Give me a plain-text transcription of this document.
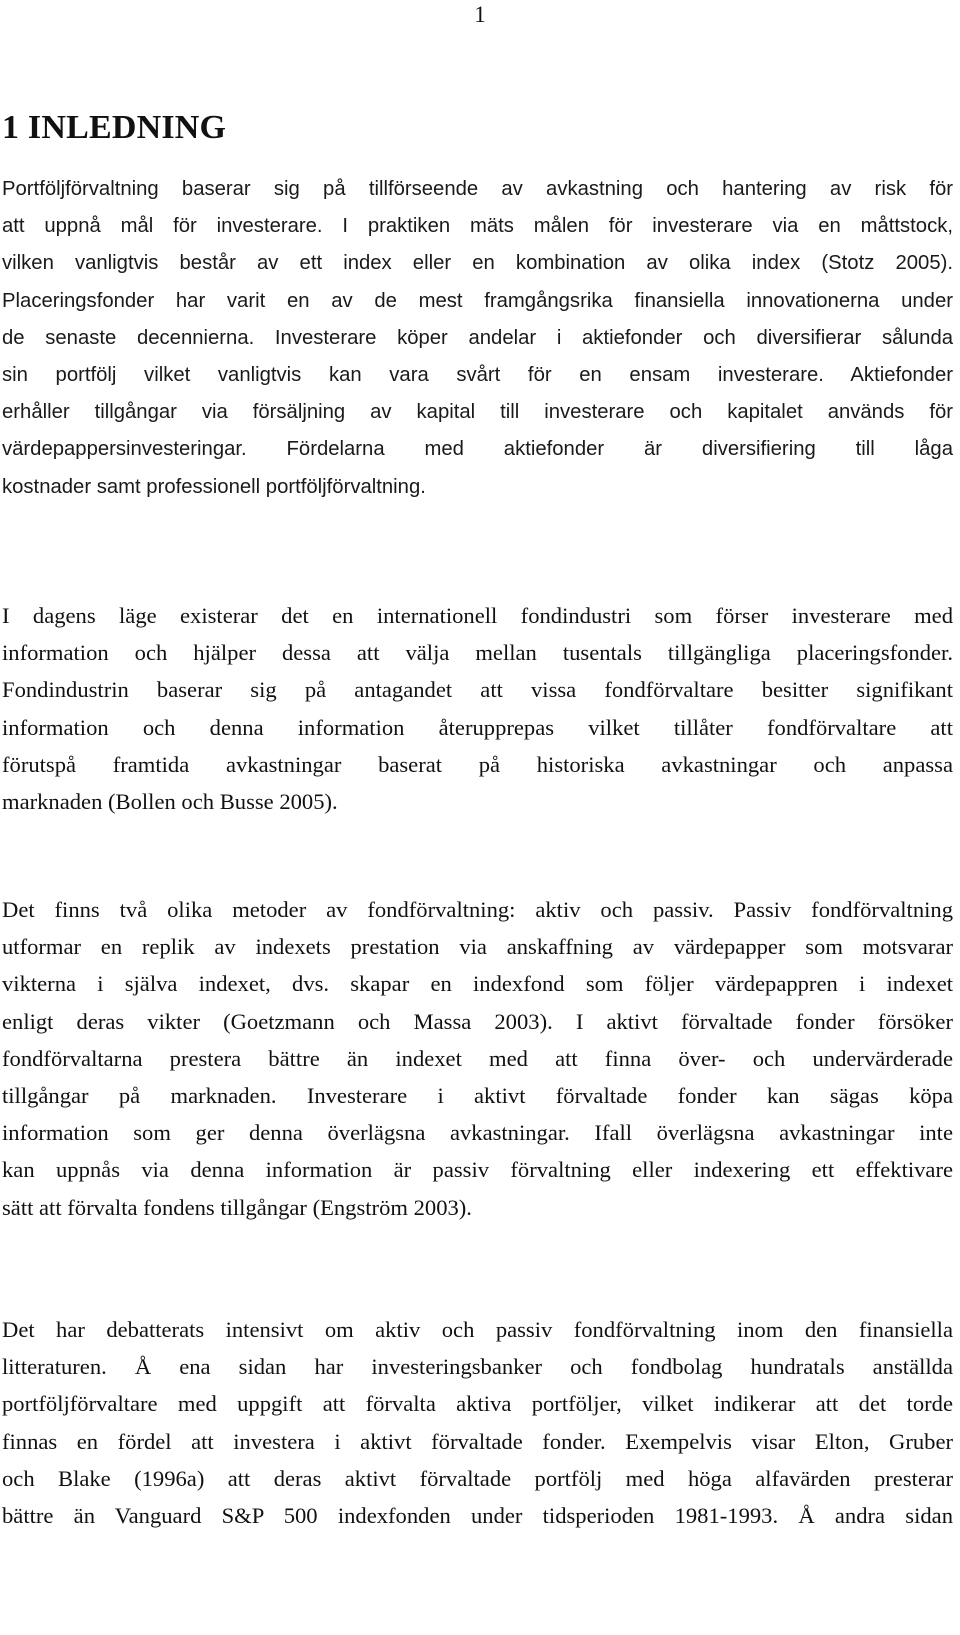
1
1 INLEDNING
Portföljförvaltning baserar sig på tillförseende av avkastning och hantering av risk för
att uppnå mål för investerare. I praktiken mäts målen för investerare via en måttstock,
vilken vanligtvis består av ett index eller en kombination av olika index (Stotz 2005).
Placeringsfonder har varit en av de mest framgångsrika finansiella innovationerna under
de senaste decennierna. Investerare köper andelar i aktiefonder och diversifierar sålunda
sin portfölj vilket vanligtvis kan vara svårt för en ensam investerare. Aktiefonder
erhåller tillgångar via försäljning av kapital till investerare och kapitalet används för
värdepappersinvesteringar. Fördelarna med aktiefonder är diversifiering till låga
kostnader samt professionell portföljförvaltning.
I dagens läge existerar det en internationell fondindustri som förser investerare med
information och hjälper dessa att välja mellan tusentals tillgängliga placeringsfonder.
Fondindustrin baserar sig på antagandet att vissa fondförvaltare besitter signifikant
information och denna information återupprepas vilket tillåter fondförvaltare att
förutspå framtida avkastningar baserat på historiska avkastningar och anpassa
marknaden (Bollen och Busse 2005).
Det finns två olika metoder av fondförvaltning: aktiv och passiv. Passiv fondförvaltning
utformar en replik av indexets prestation via anskaffning av värdepapper som motsvarar
vikterna i själva indexet, dvs. skapar en indexfond som följer värdepappren i indexet
enligt deras vikter (Goetzmann och Massa 2003). I aktivt förvaltade fonder försöker
fondförvaltarna prestera bättre än indexet med att finna över- och undervärderade
tillgångar på marknaden. Investerare i aktivt förvaltade fonder kan sägas köpa
information som ger denna överlägsna avkastningar. Ifall överlägsna avkastningar inte
kan uppnås via denna information är passiv förvaltning eller indexering ett effektivare
sätt att förvalta fondens tillgångar (Engström 2003).
Det har debatterats intensivt om aktiv och passiv fondförvaltning inom den finansiella
litteraturen. Å ena sidan har investeringsbanker och fondbolag hundratals anställda
portföljförvaltare med uppgift att förvalta aktiva portföljer, vilket indikerar att det torde
finnas en fördel att investera i aktivt förvaltade fonder. Exempelvis visar Elton, Gruber
och Blake (1996a) att deras aktivt förvaltade portfölj med höga alfavärden presterar
bättre än Vanguard S&P 500 indexfonden under tidsperioden 1981-1993. Å andra sidan
